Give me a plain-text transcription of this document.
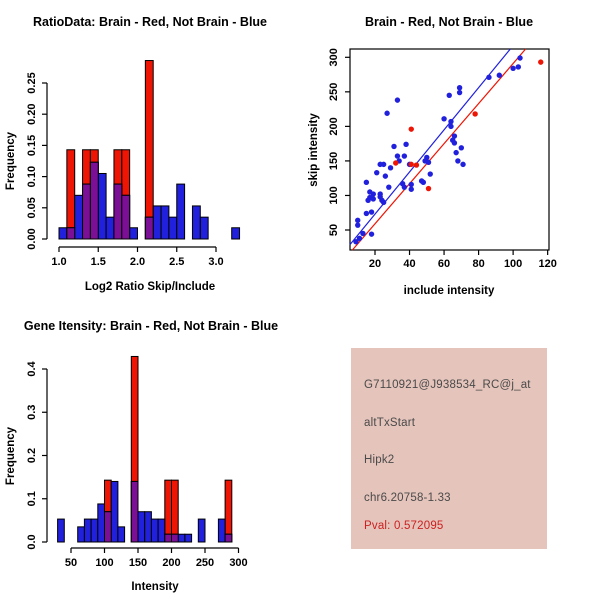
RatioData: Brain - Red, Not Brain - Blue	Brain - Red, Not Brain - Blue
Gene Itensity: Brain - Red, Not Brain - Blue
Log2 Ratio Skip/Include
Frequency
include intensity
skip intensity
Intensity
Frequency
0.00
0.05
0.10
0.15
0.20
0.25
1.0 1.5 2.0 2.5 3.0	20 40 60 80 100 120
50
100
150
200
250
300
0.0
0.1
0.2
0.3
0.4
50 100 150 200 250 300
G7110921@J938534_RC@j_at
altTxStart
Hipk2
chr6.20758-1.33
Pval: 0.572095
